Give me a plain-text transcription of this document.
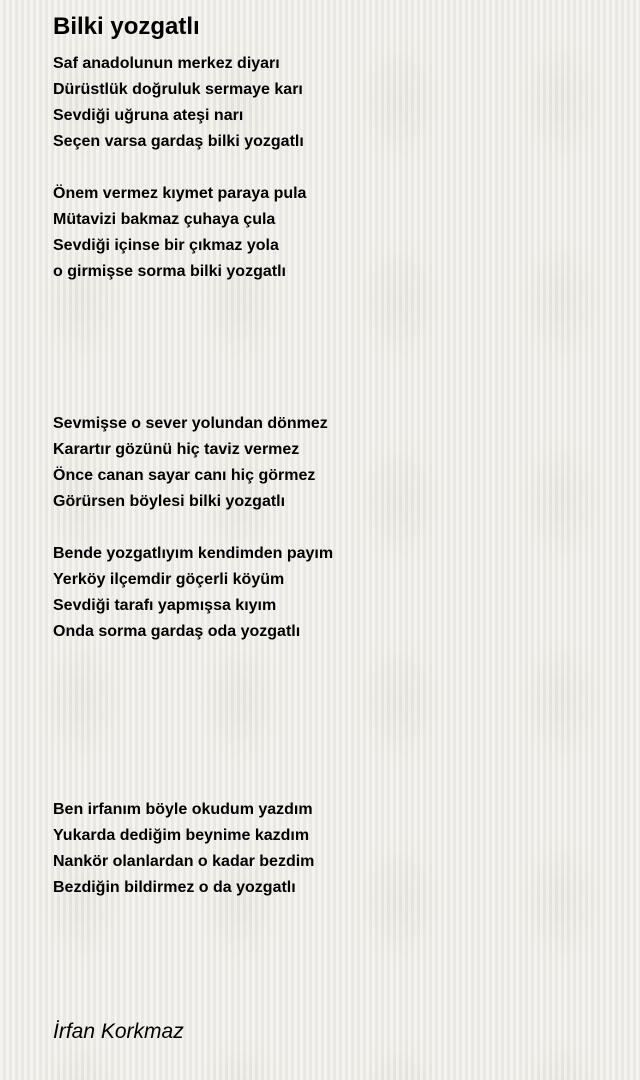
Bilki yozgatlı
Saf anadolunun merkez diyarı
Dürüstlük doğruluk sermaye karı
Sevdiği uğruna ateşi narı
Seçen varsa gardaş bilki yozgatlı
Önem vermez kıymet paraya pula
Mütavizi bakmaz çuhaya çula
Sevdiği içinse bir çıkmaz yola
o girmişse sorma bilki yozgatlı
Sevmişse o sever yolundan dönmez
Karartır gözünü hiç taviz vermez
Önce canan sayar canı hiç görmez
Görürsen böylesi bilki yozgatlı
Bende yozgatlıyım kendimden payım
Yerköy ilçemdir göçerli köyüm
Sevdiği tarafı yapmışsa kıyım
Onda sorma gardaş oda yozgatlı
Ben irfanım böyle okudum yazdım
Yukarda dediğim beynime kazdım
Nankör olanlardan o kadar bezdim
Bezdiğin bildirmez o da yozgatlı
İrfan Korkmaz
